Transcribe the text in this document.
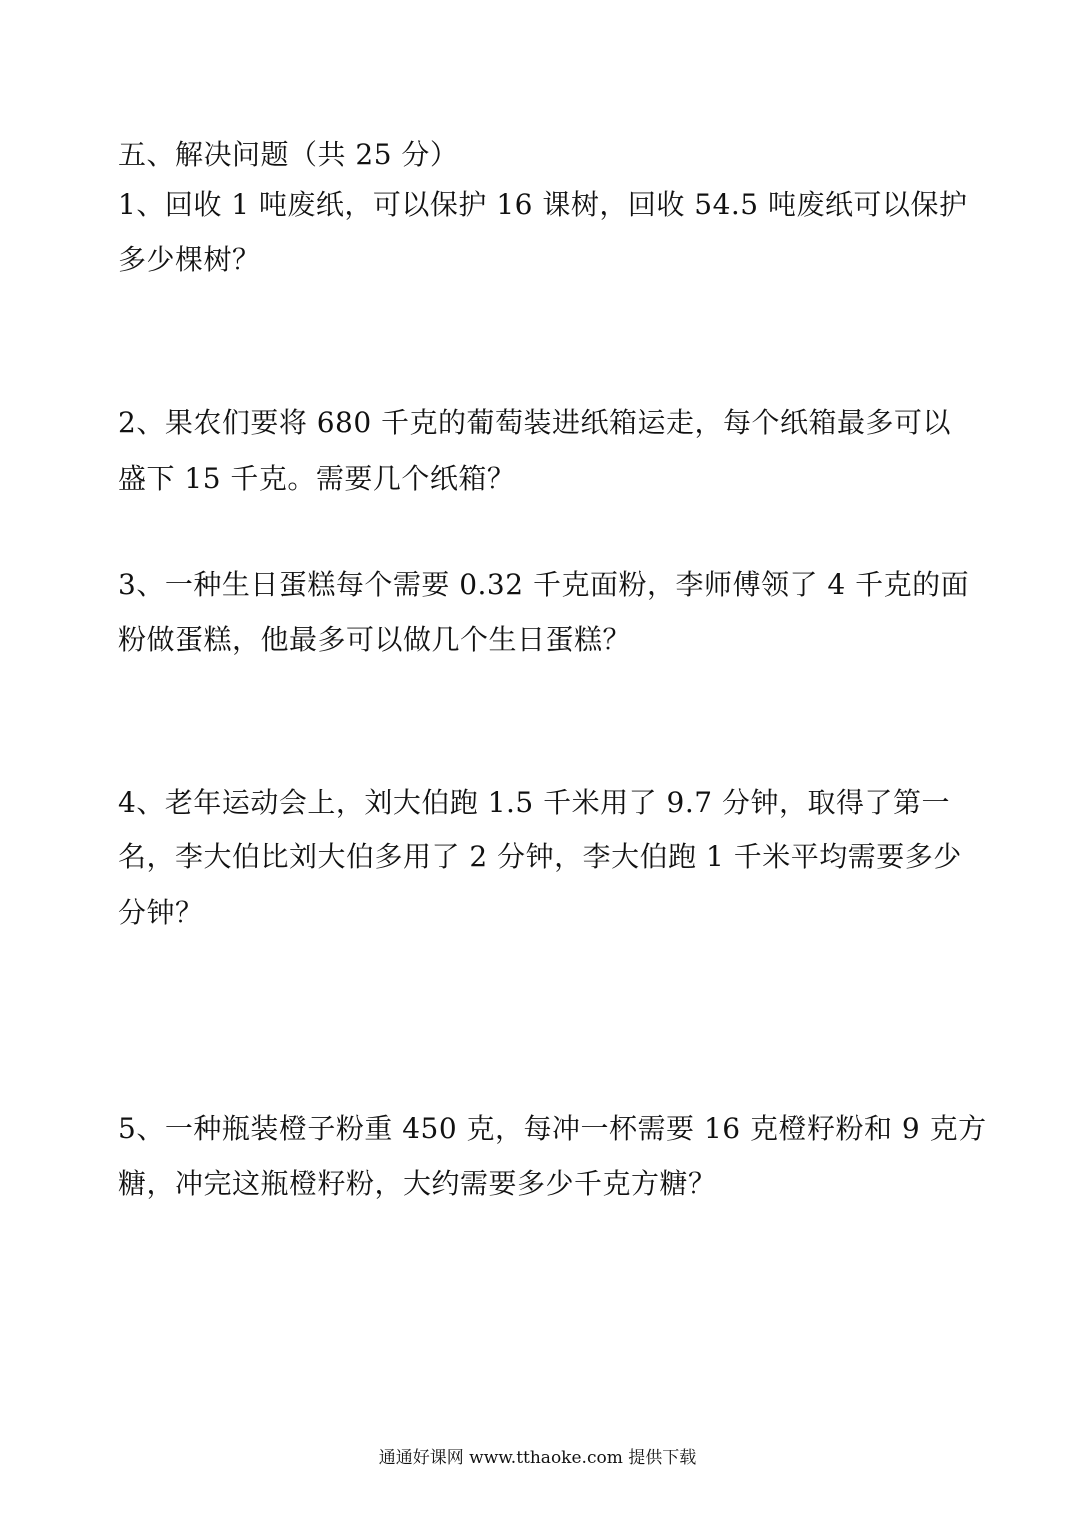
五、解决问题（共 25 分）
1、回收 1 吨废纸，可以保护 16 课树，回收 54.5 吨废纸可以保护
多少棵树？
2、果农们要将 680 千克的葡萄装进纸箱运走，每个纸箱最多可以
盛下 15 千克。需要几个纸箱？
3、一种生日蛋糕每个需要 0.32 千克面粉，李师傅领了 4 千克的面
粉做蛋糕，他最多可以做几个生日蛋糕？
4、老年运动会上，刘大伯跑 1.5 千米用了 9.7 分钟，取得了第一
名，李大伯比刘大伯多用了 2 分钟，李大伯跑 1 千米平均需要多少
分钟？
5、一种瓶装橙子粉重 450 克，每冲一杯需要 16 克橙籽粉和 9 克方
糖，冲完这瓶橙籽粉，大约需要多少千克方糖？
通通好课网 www.tthaoke.com 提供下载
